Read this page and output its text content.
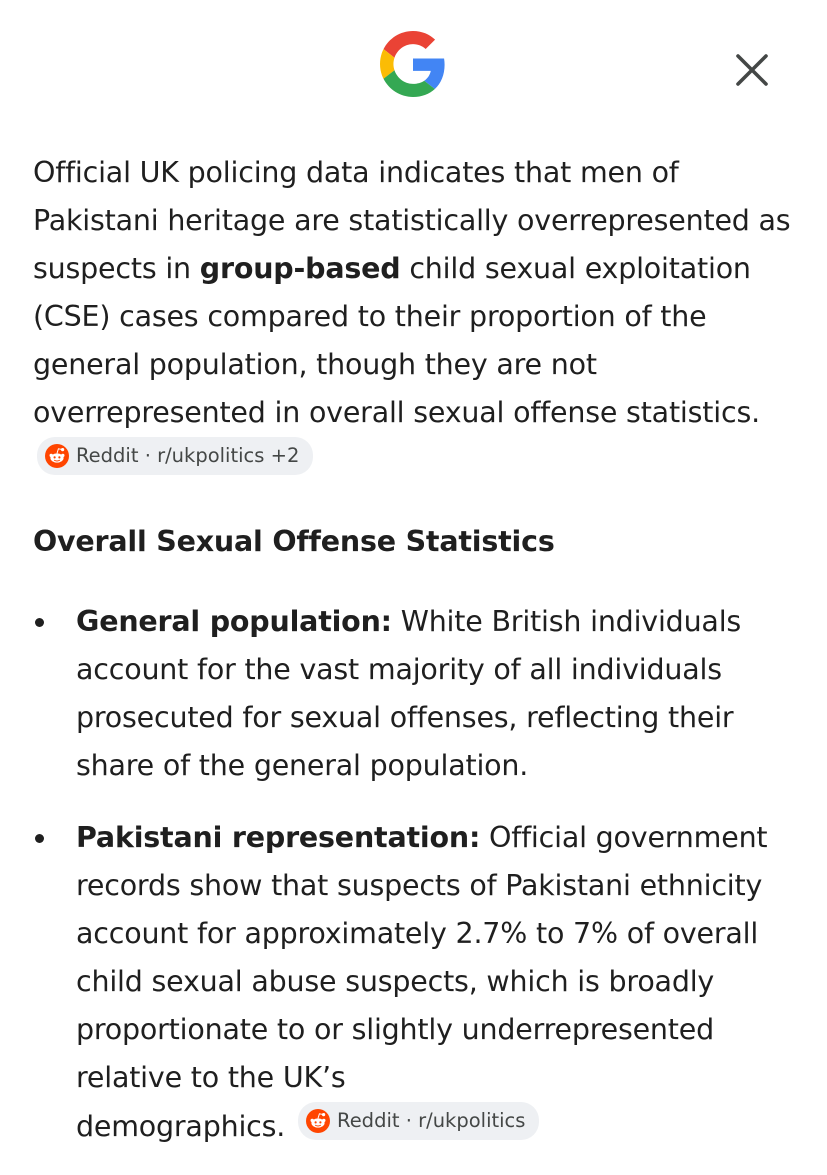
Official UK policing data indicates that men of Pakistani heritage are statistically overrepresented as suspects in group-based child sexual exploitation (CSE) cases compared to their proportion of the general population, though they are not overrepresented in overall sexual offense statistics.
Reddit · r/ukpolitics +2

Overall Sexual Offense Statistics
General population: White British individuals account for the vast majority of all individuals prosecuted for sexual offenses, reflecting their share of the general population.
Pakistani representation: Official government records show that suspects of Pakistani ethnicity account for approximately 2.7% to 7% of overall child sexual abuse suspects, which is broadly proportionate to or slightly underrepresented relative to the UK’s
demographics.	Reddit · r/ukpolitics
